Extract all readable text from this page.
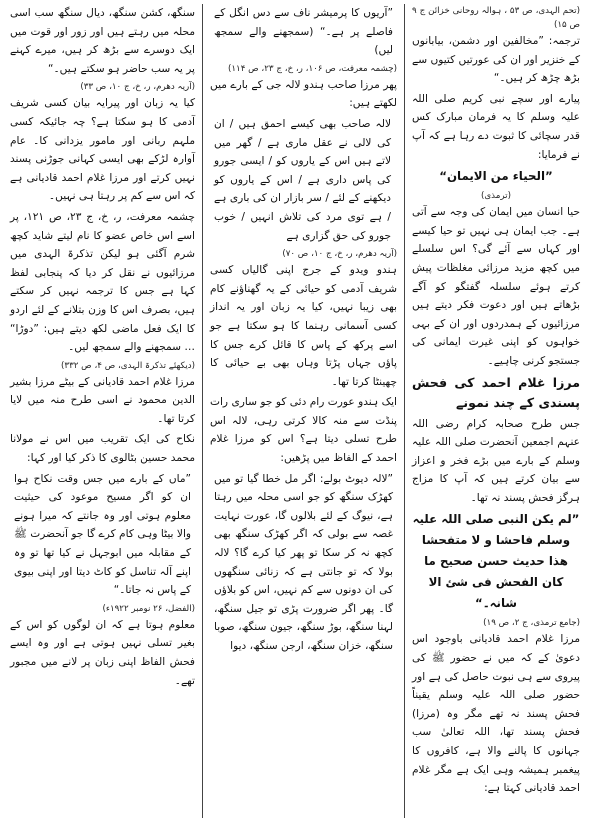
(تحم الہدی، ص ۵۳ ، ہوالہ روحانی خزائن ج ۹ ص ۱۵)

ترجمہ: ”مخالفین اور دشمن، بیابانوں کے خنزیر اور ان کی عورتیں کتیوں سے بڑھ چڑھ کر ہیں۔“

پیارے اور سچے نبی کریم صلی اللہ علیہ وسلم کا یہ فرمان مبارک کس قدر سچائی کا ثبوت دے رہا ہے کہ آپ نے فرمایا:

”الحیاء من الایمان“

(ترمذی)

حیا انسان میں ایمان کی وجہ سے آتی ہے۔ جب ایمان ہی نہیں تو حیا کیسے اور کہاں سے آئے گی؟ اس سلسلے میں کچھ مزید مرزائی مغلظات پیش کرتے ہوئے سلسلہ گفتگو کو آگے بڑھاتے ہیں اور دعوت فکر دیتے ہیں مرزائیوں کے ہمدردوں اور ان کے بہی خواہوں کو اپنی غیرت ایمانی کی جستجو کرنی چاہیے۔

مرزا غلام احمد کی فحش پسندی کے چند نمونے

جس طرح صحابہ کرام رضی اللہ عنہم اجمعین آنحضرت صلی اللہ علیہ وسلم کے بارے میں بڑے فخر و اعزاز سے بیان کرتے ہیں کہ آپ کا مزاج ہرگز فحش پسند نہ تھا۔

”لم یکن النبی صلی اللہ علیہ وسلم فاحشا و لا متفحشا ھذا حدیث حسن صحیح ما کان الفحش فی شئ الا شانہ۔“

(جامع ترمذی، ج ۲، ص ۱۹)

مرزا غلام احمد قادیانی باوجود اس دعویٰ کے کہ میں نے حضور ﷺ کی پیروی سے ہی نبوت حاصل کی ہے اور حضور صلی اللہ علیہ وسلم یقیناً فحش پسند نہ تھے مگر وہ (مرزا) فحش پسند تھا، اللہ تعالیٰ سب جہانوں کا پالنے والا ہے، کافروں کا پیغمبر ہمیشہ وہی ایک ہے مگر غلام احمد قادیانی کہتا ہے:

”آریوں کا پرمیشر ناف سے دس انگل کے فاصلے پر ہے۔“ (سمجھنے والے سمجھ لیں)

(چشمہ معرفت، ص ۱۰۶، ر، خ، ج ۲۳، ص ۱۱۴)

پھر مرزا صاحب ہندو لالہ جی کے بارے میں لکھتے ہیں:

لالہ صاحب بھی کیسے احمق ہیں / ان کی لالی نے عقل ماری ہے / گھر میں لاتے ہیں اس کے یاروں کو / ایسی جورو کی پاس داری ہے / اس کے یاروں کو دیکھنے کے لئے / سر بازار ان کی باری ہے / ہے توی مرد کی تلاش انہیں / خوب جورو کی حق گزاری ہے

(آریہ دھرم، ر، خ، ج ۱۰، ص ۷۰)

ہندو ویدو کے جرج اپنی گالیاں کسی شریف آدمی کو حیائی کے یہ گھناؤنے کام بھی زیبا نہیں، کیا یہ زبان اور یہ انداز کسی آسمانی رہنما کا ہو سکتا ہے جو اسے پرکھ کے پاس کا قائل کرے جس کا پاؤں جہاں پڑتا وہاں بھی بے حیائی کا چھینٹا کرتا تھا۔

ایک ہندو عورت رام دئی کو جو ساری رات پنڈت سے منہ کالا کرتی رہی، لالہ اس طرح تسلی دیتا ہے؟ اس کو مرزا غلام احمد کے الفاظ میں پڑھیں:

”لالہ دیوٹ بولے: اگر مل خطا گیا تو میں کھڑک سنگھ کو جو اسی محلہ میں رہتا ہے، نیوگ کے لئے بلالوں گا، عورت نہایت غصہ سے بولی کہ اگر کھڑک سنگھ بھی کچھ نہ کر سکا تو پھر کیا کرے گا؟ لالہ بولا کہ تو جانتی ہے کہ زنائی سنگھوں کی ان دونوں سے کم نہیں، اس کو بلاؤں گا۔ پھر اگر ضرورت پڑی تو جیل سنگھ، لہنا سنگھ، بوڑ سنگھ، جیون سنگھ، صوبا سنگھ، خزان سنگھ، ارجن سنگھ، دیوا

سنگھ، کشن سنگھ، دیال سنگھ سب اسی محلہ میں رہتے ہیں اور زور اور قوت میں ایک دوسرے سے بڑھ کر ہیں، میرے کہنے پر یہ سب حاضر ہو سکتے ہیں۔“

(آریہ دھرم، ر، خ، ج ۱۰، ص ۳۳)

کیا یہ زبان اور پیرایہ بیان کسی شریف آدمی کا ہو سکتا ہے؟ چہ جائیکہ کسی ملہم ربانی اور مامور یزدانی کا۔ عام آوارہ لڑکے بھی ایسی کہانی جوڑنی پسند نہیں کرتے اور مرزا غلام احمد قادیانی ہے کہ اس سے کم پر رہتا ہی نہیں۔

چشمہ معرفت، ر، خ، ج ۲۳، ص ۱۲۱، پر اسے اس خاص عضو کا نام لیتے شاید کچھ شرم آگئی ہو لیکن تذکرۃ الہدی میں مرزائیوں نے نقل کر دیا کہ پنجابی لفظ کہا ہے جس کا ترجمہ نہیں کر سکتے ہیں، بصرف اس کا وزن بتلانے کے لئے اردو کا ایک فعل ماضی لکھ دیتے ہیں: ”دوڑا“ … سمجھنے والے سمجھ لیں۔

(دیکھئے تذکرۃ الہدی، ص ۴، ص ۳۳۲)

مرزا غلام احمد قادیانی کے بیٹے مرزا بشیر الدین محمود نے اسی طرح منہ میں لایا کرتا تھا۔

نکاح کی ایک تقریب میں اس نے مولانا محمد حسین بٹالوی کا ذکر کیا اور کہا:

”ماں کے بارے میں جس وقت نکاح ہوا ان کو اگر مسیح موعود کی حیثیت معلوم ہوتی اور وہ جانتے کہ میرا ہونے والا بیٹا وہی کام کرے گا جو آنحضرت ﷺ کے مقابلہ میں ابوجہل نے کیا تھا تو وہ اپنے آلہ تناسل کو کاٹ دیتا اور اپنی بیوی کے پاس نہ جاتا۔“

(الفضل، ۲۶ نومبر ۱۹۲۲ء)

معلوم ہوتا ہے کہ ان لوگوں کو اس کے بغیر تسلی نہیں ہوتی ہے اور وہ ایسے فحش الفاظ اپنی زبان پر لانے میں مجبور تھے۔
